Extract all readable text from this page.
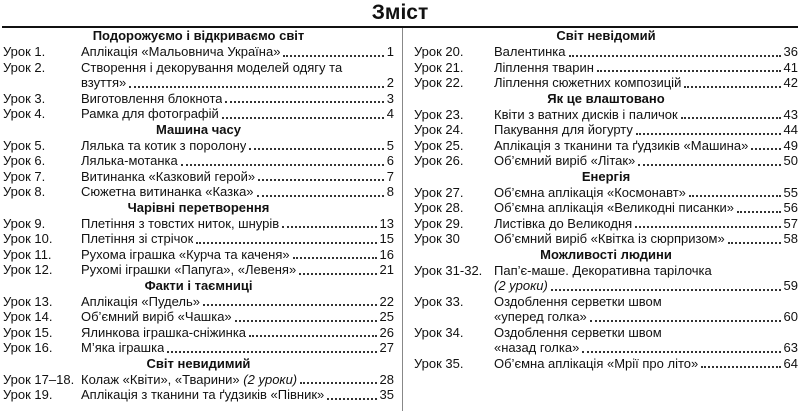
Зміст
Подорожуємо і відкриваємо світ
Урок 1.	Аплікація «Мальовнича Україна»	1
Урок 2.	Створення і декорування моделей одягу та
взуття»	2
Урок 3.	Виготовлення блокнота	3
Урок 4.	Рамка для фотографій	4
Машина часу
Урок 5.	Лялька та котик з поролону	5
Урок 6.	Лялька-мотанка	6
Урок 7.	Витинанка «Казковий герой»	7
Урок 8.	Сюжетна витинанка «Казка»	8
Чарівні перетворення
Урок 9.	Плетіння з товстих ниток, шнурів	13
Урок 10.	Плетіння зі стрічок	15
Урок 11.	Рухома іграшка «Курча та каченя»	16
Урок 12.	Рухомі іграшки «Папуга», «Левеня»	21
Факти і таємниці
Урок 13.	Аплікація «Пудель»	22
Урок 14.	Об’ємний виріб «Чашка»	25
Урок 15.	Ялинкова іграшка-сніжинка	26
Урок 16.	М’яка іграшка	27
Світ невидимий
Урок 17–18. Колаж «Квіти», «Тварини» (2 уроки)	28
Урок 19.	Аплікація з тканини та ґудзиків «Півник»	35
Світ невідомий
Урок 20.	Валентинка	36
Урок 21.	Ліплення тварин	41
Урок 22.	Ліплення сюжетних композицій	42
Як це влаштовано
Урок 23.	Квіти з ватних дисків і паличок	43
Урок 24.	Пакування для йогурту	44
Урок 25.	Аплікація з тканини та ґудзиків «Машина»	49
Урок 26.	Об’ємний виріб «Літак»	50
Енергія
Урок 27.	Об’ємна аплікація «Космонавт»	55
Урок 28.	Об’ємна аплікація «Великодні писанки»	56
Урок 29.	Листівка до Великодня	57
Урок 30	Об’ємний виріб «Квітка із сюрпризом»	58
Можливості людини
Урок 31-32. Пап’є-маше. Декоративна тарілочка
(2 уроки)	59
Урок 33.	Оздоблення серветки швом
«уперед голка»	60
Урок 34.	Оздоблення серветки швом
«назад голка»	63
Урок 35.	Об’ємна аплікація «Мрії про літо»	64
